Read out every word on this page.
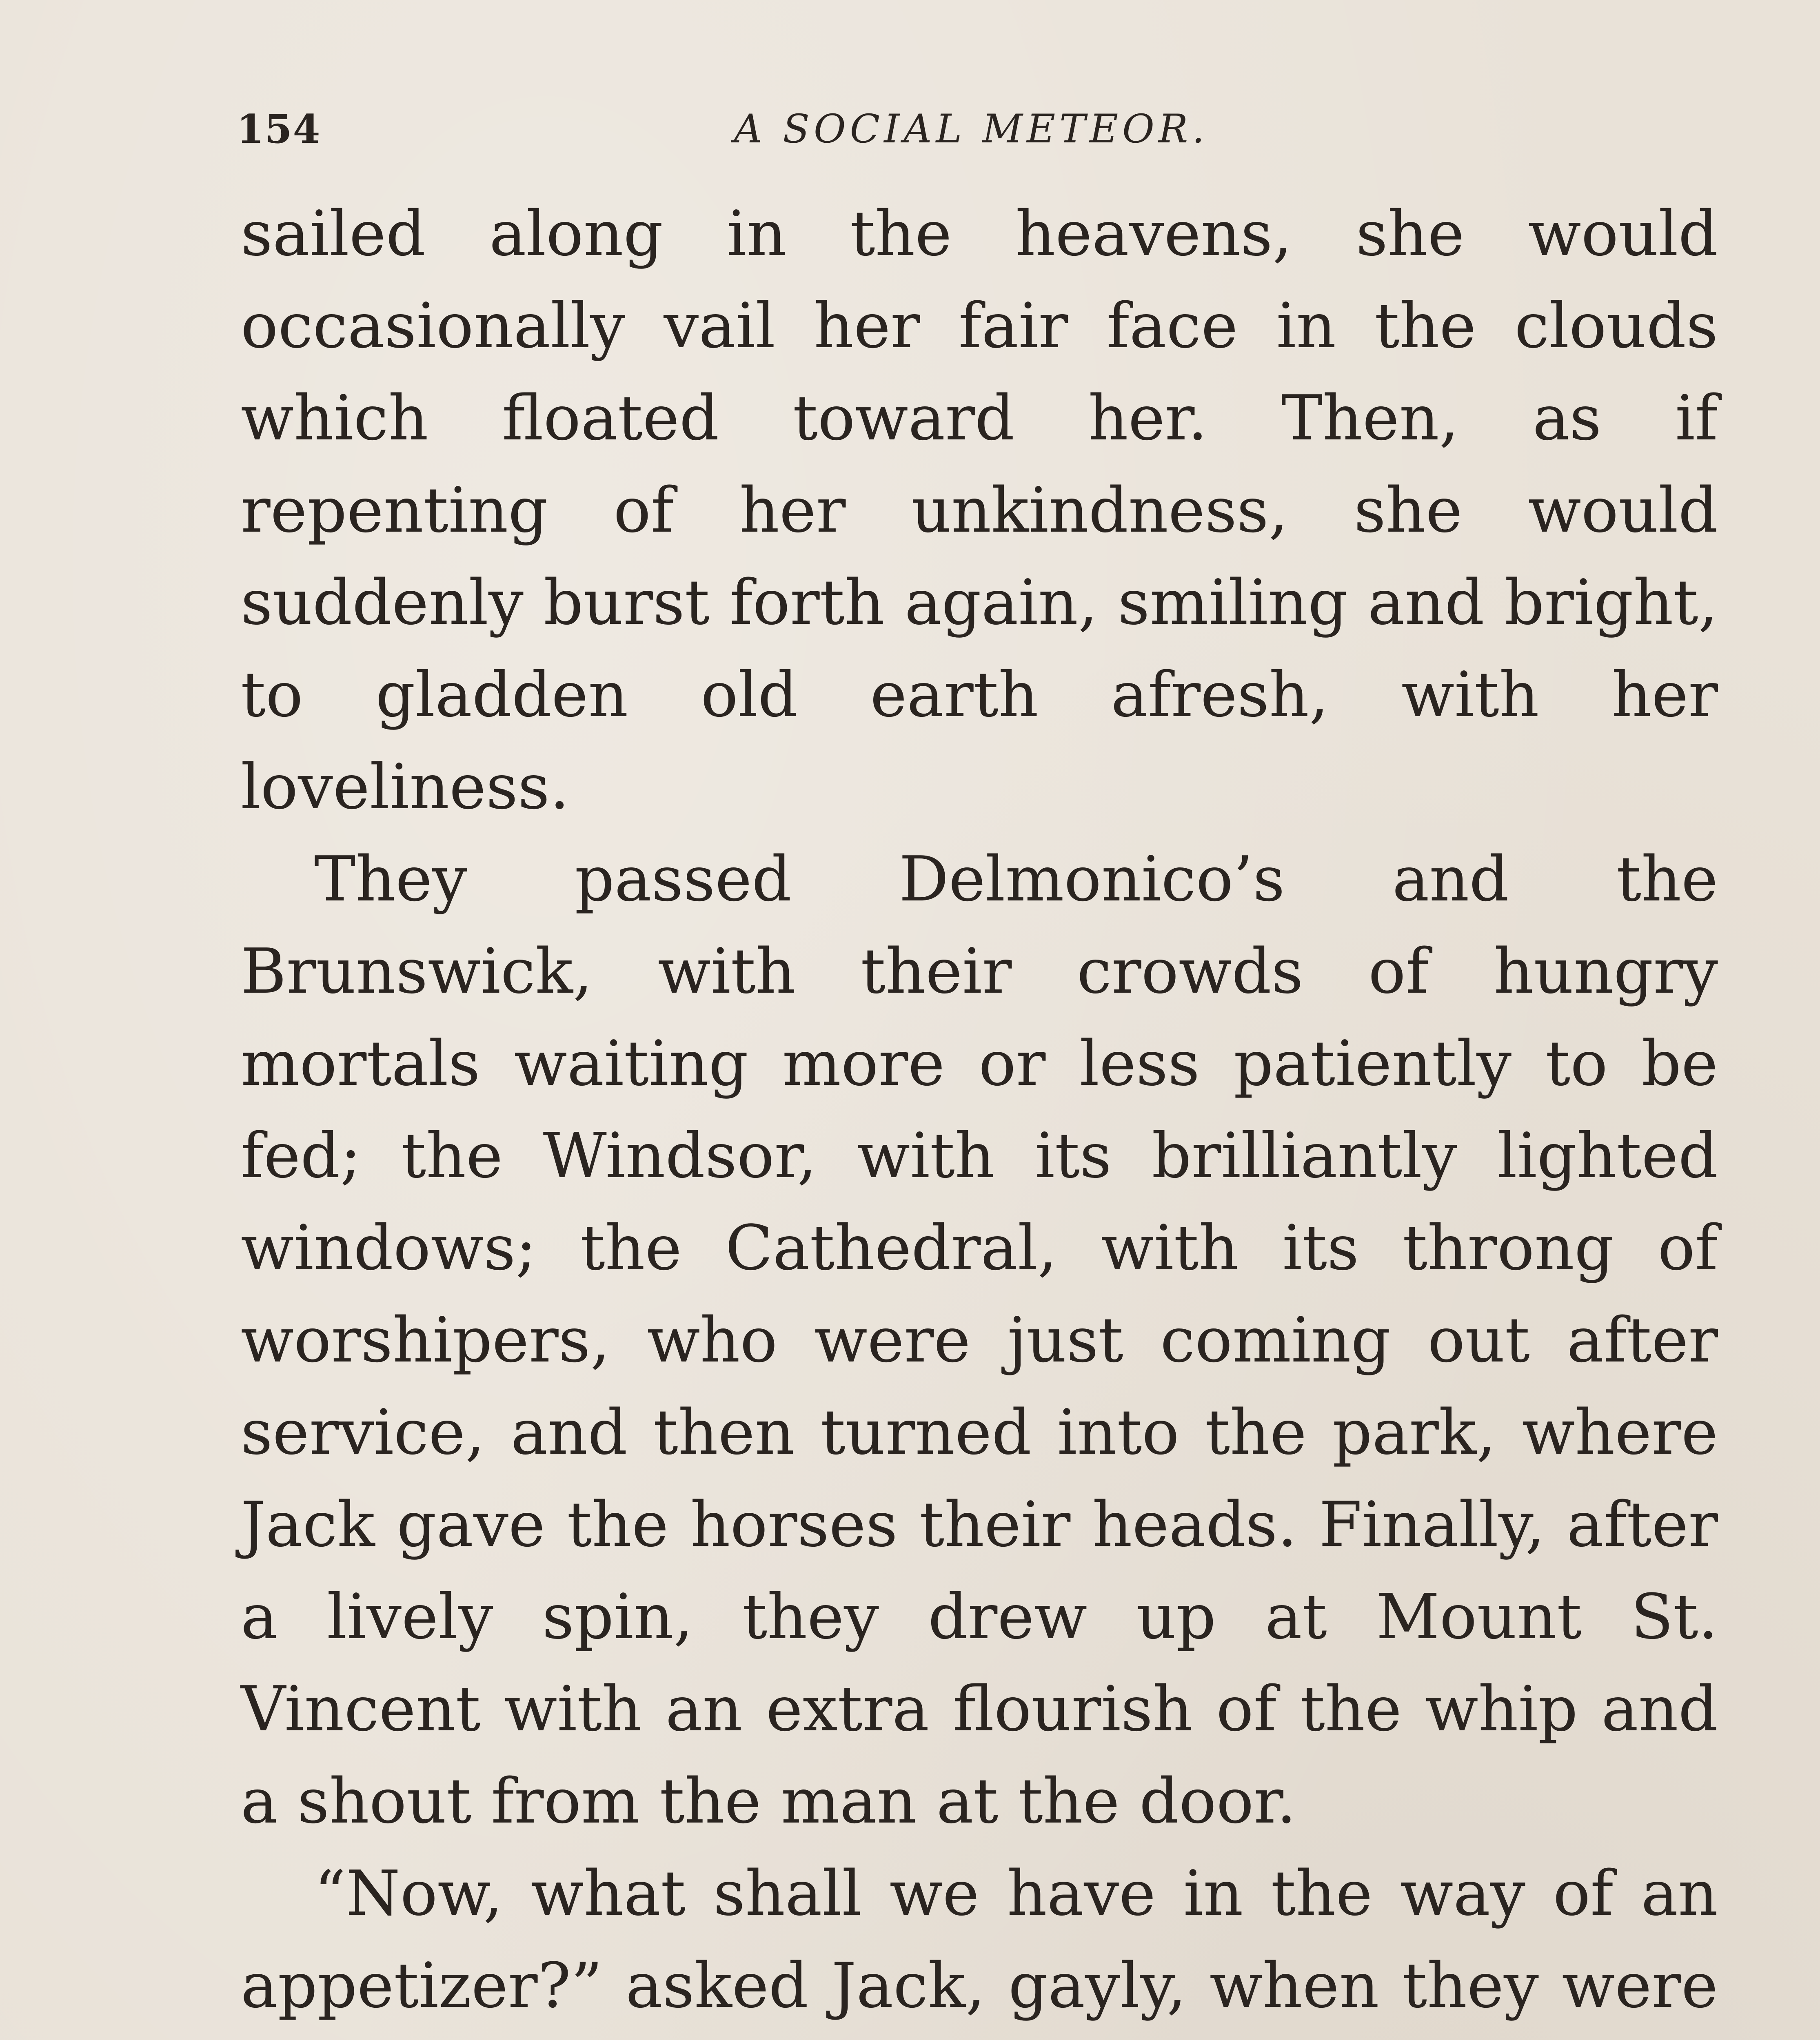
154	A SOCIAL METEOR.

sailed along in the heavens, she would occasionally vail her fair face in the clouds which floated toward her. Then, as if repenting of her unkindness, she would suddenly burst forth again, smiling and bright, to gladden old earth afresh, with her loveliness.

They passed Delmonico’s and the Brunswick, with their crowds of hungry mortals waiting more or less patiently to be fed; the Windsor, with its brilliantly lighted windows; the Cathedral, with its throng of worshipers, who were just coming out after service, and then turned into the park, where Jack gave the horses their heads. Finally, after a lively spin, they drew up at Mount St. Vincent with an extra flourish of the whip and a shout from the man at the door.

“Now, what shall we have in the way of an appetizer?” asked Jack, gayly, when they were
